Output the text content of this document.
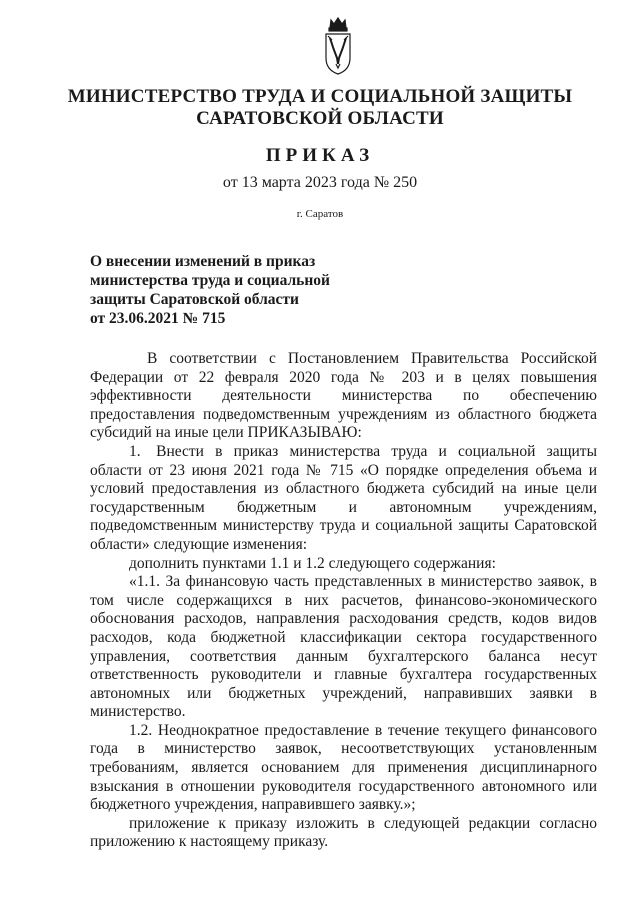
МИНИСТЕРСТВО ТРУДА И СОЦИАЛЬНОЙ ЗАЩИТЫ
САРАТОВСКОЙ ОБЛАСТИ
ПРИКАЗ
от 13 марта 2023 года № 250
г. Саратов
О внесении изменений в приказ
министерства труда и социальной
защиты Саратовской области
от 23.06.2021 № 715

В соответствии с Постановлением Правительства Российской Федерации от 22 февраля 2020 года № 203 и в целях повышения эффективности деятельности министерства по обеспечению предоставления подведомственным учреждениям из областного бюджета субсидий на иные цели ПРИКАЗЫВАЮ:

1. Внести в приказ министерства труда и социальной защиты области от 23 июня 2021 года № 715 «О порядке определения объема и условий предоставления из областного бюджета субсидий на иные цели государственным бюджетным и автономным учреждениям, подведомственным министерству труда и социальной защиты Саратовской области» следующие изменения:

дополнить пунктами 1.1 и 1.2 следующего содержания:

«1.1. За финансовую часть представленных в министерство заявок, в том числе содержащихся в них расчетов, финансово-экономического обоснования расходов, направления расходования средств, кодов видов расходов, кода бюджетной классификации сектора государственного управления, соответствия данным бухгалтерского баланса несут ответственность руководители и главные бухгалтера государственных автономных или бюджетных учреждений, направивших заявки в министерство.

1.2. Неоднократное предоставление в течение текущего финансового года в министерство заявок, несоответствующих установленным требованиям, является основанием для применения дисциплинарного взыскания в отношении руководителя государственного автономного или бюджетного учреждения, направившего заявку.»;

приложение к приказу изложить в следующей редакции согласно приложению к настоящему приказу.
